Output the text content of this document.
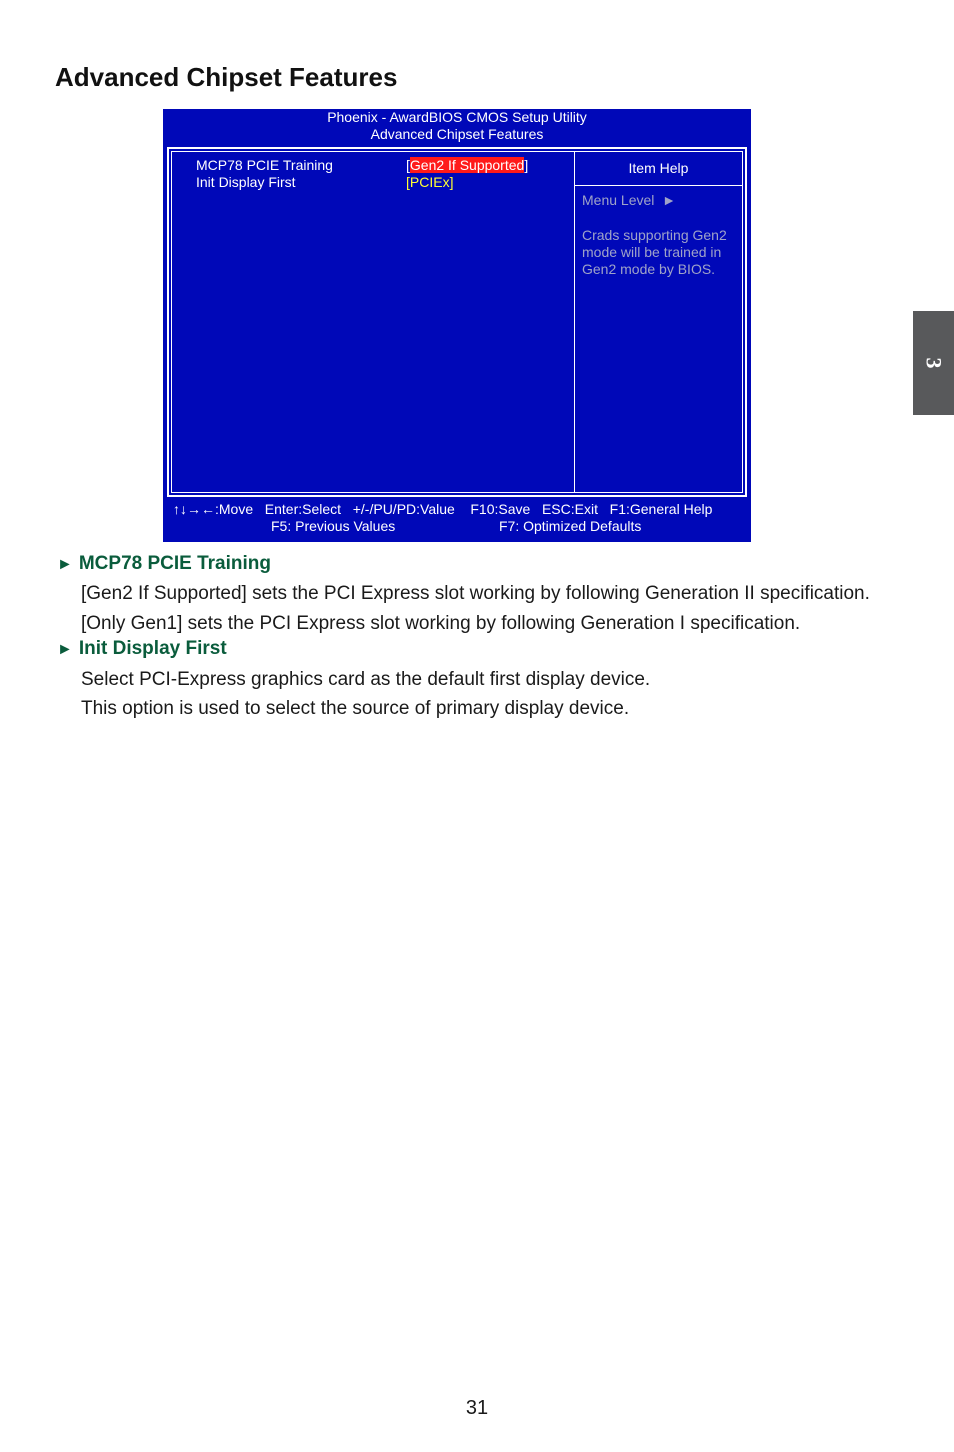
Advanced Chipset Features
3
Phoenix - AwardBIOS CMOS Setup Utility
Advanced Chipset Features
MCP78 PCIE Training	[Gen2 If Supported]
Init Display First	[PCIEx]
Item Help

Menu Level ►

Crads supporting Gen2 mode will be trained in Gen2 mode by BIOS.

↑↓→←:Move Enter:Select +/-/PU/PD:Value F10:Save ESC:Exit F1:General Help
F5: Previous Values	F7: Optimized Defaults
► MCP78 PCIE Training

[Gen2 If Supported] sets the PCI Express slot working by following Generation II specification.

[Only Gen1] sets the PCI Express slot working by following Generation I specification.

► Init Display First

Select PCI-Express graphics card as the default first display device.

This option is used to select the source of primary display device.

31
